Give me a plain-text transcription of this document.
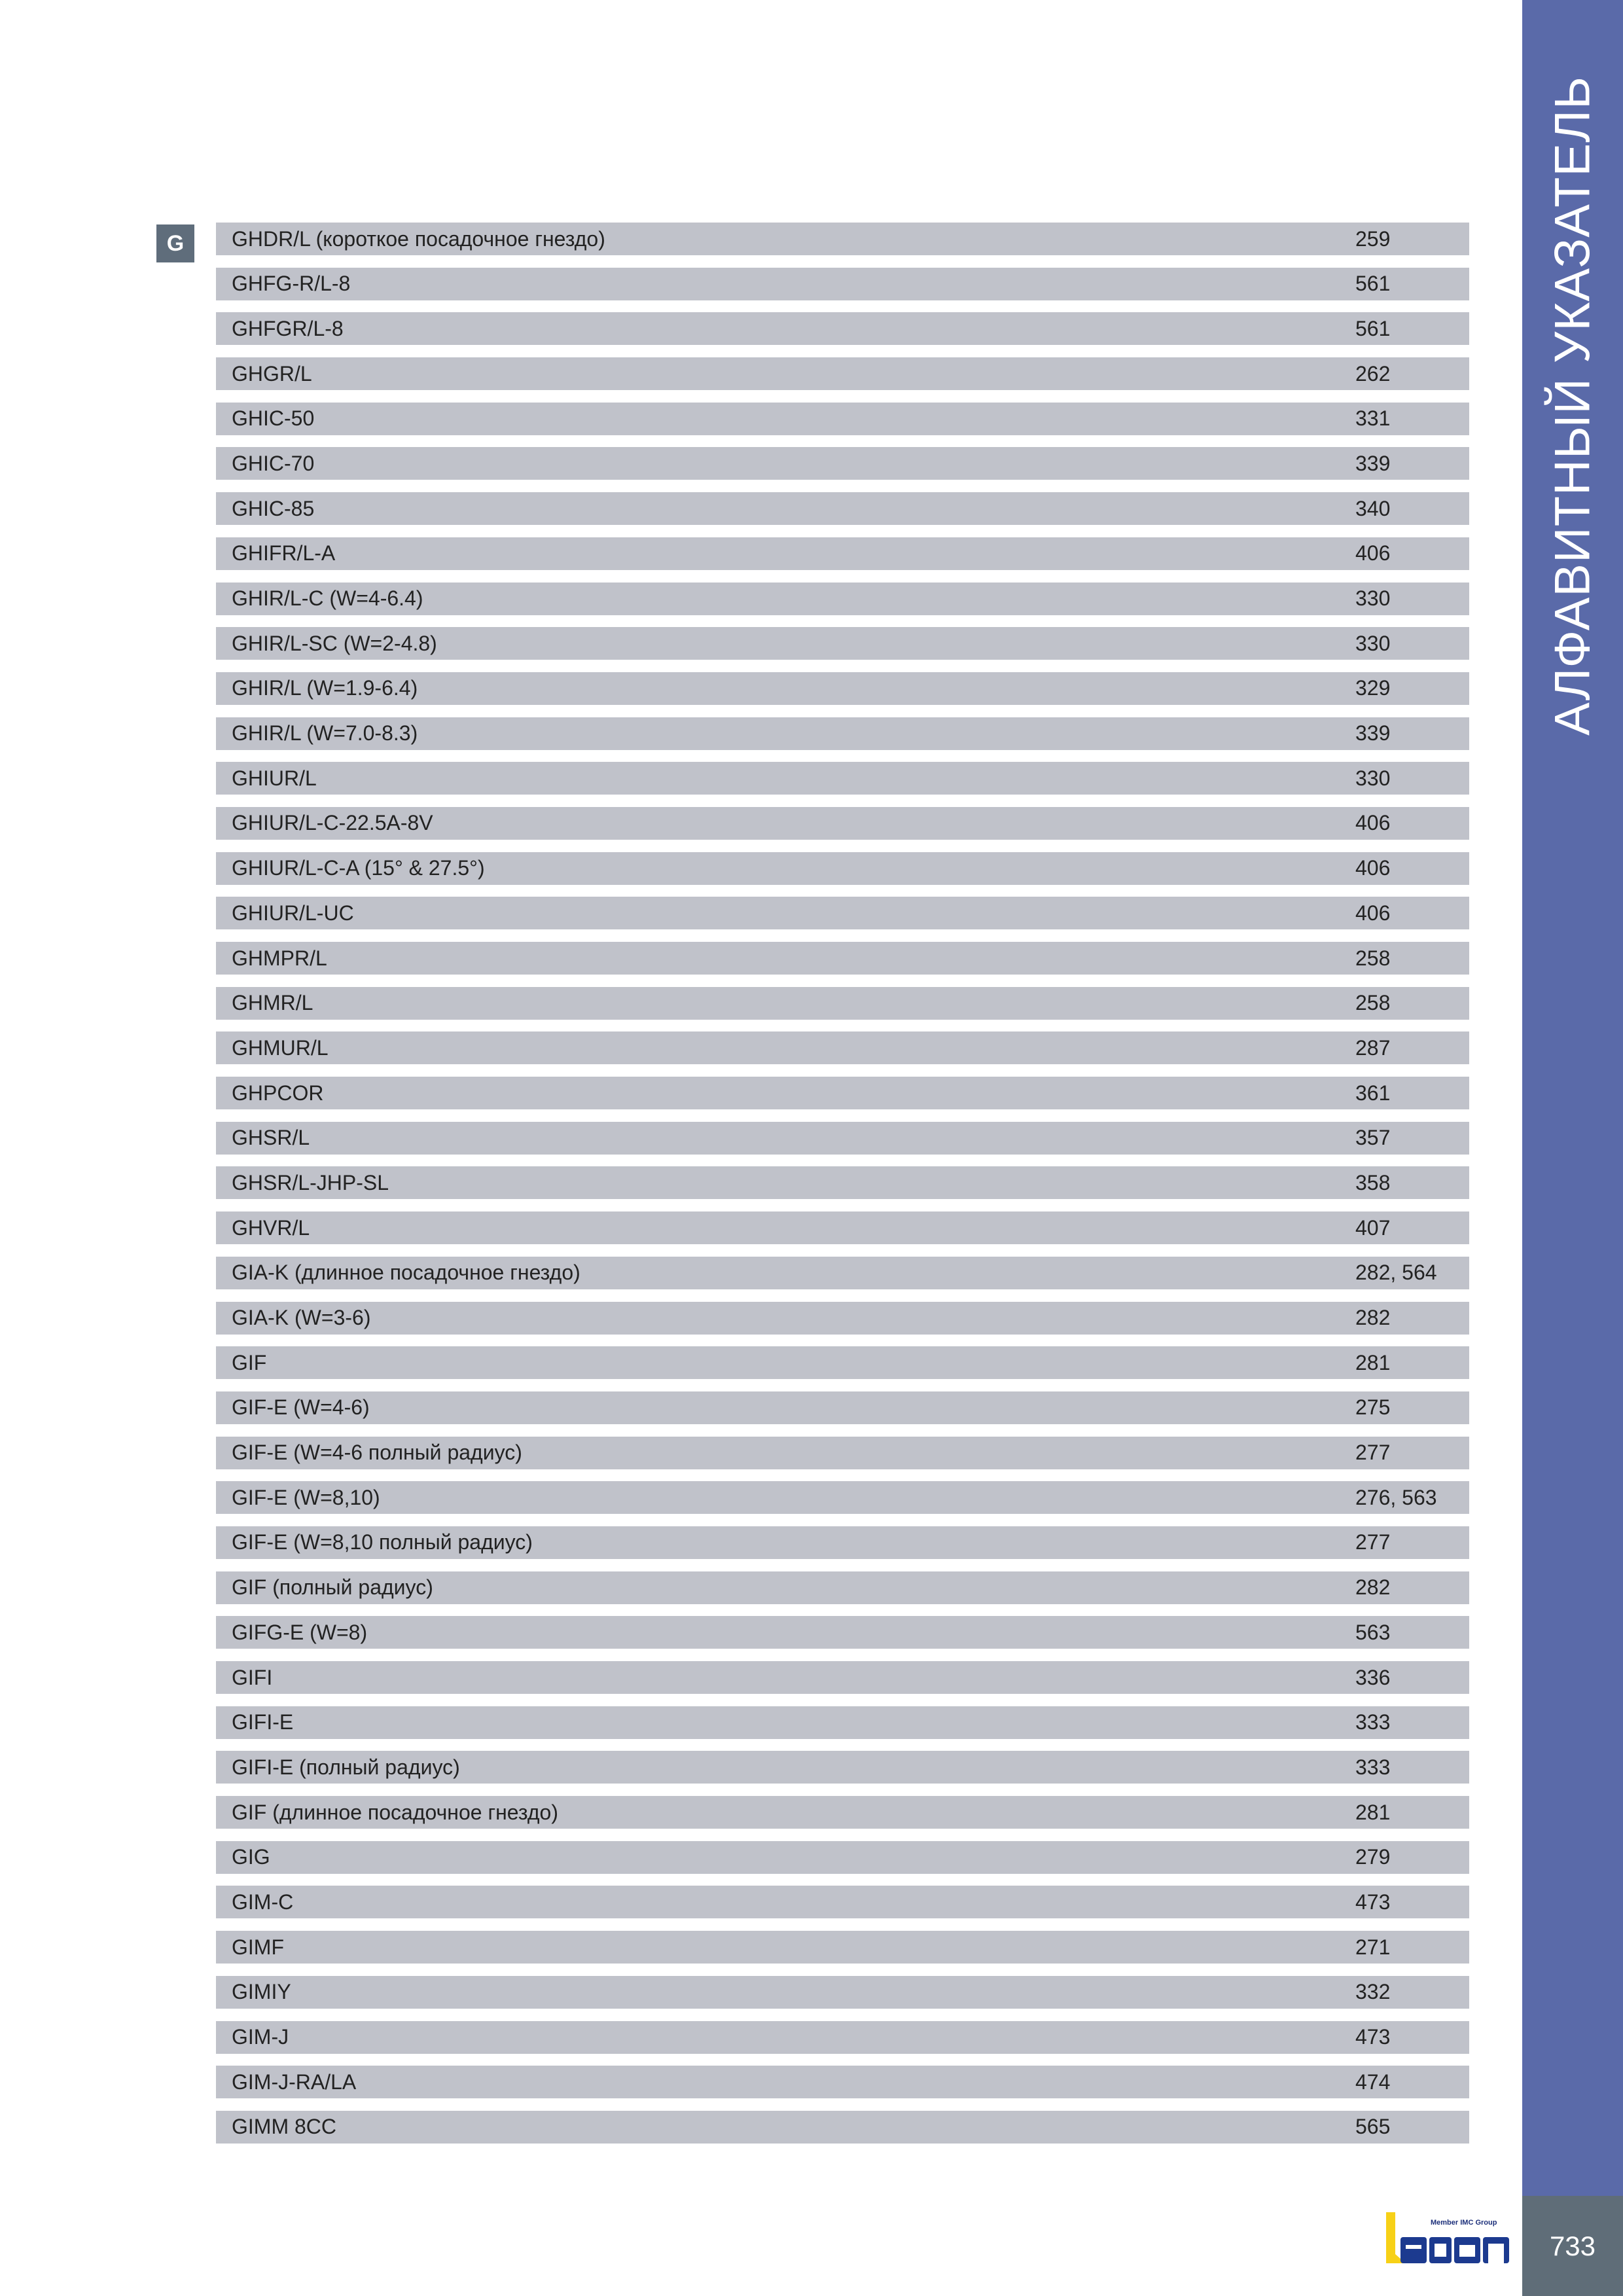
АЛФАВИТНЫЙ УКАЗАТЕЛЬ
733
G	GHDR/L (короткое посадочное гнездо)	259
GHFG-R/L-8	561
GHFGR/L-8	561
GHGR/L	262
GHIC-50	331
GHIC-70	339
GHIC-85	340
GHIFR/L-A	406
GHIR/L-C (W=4-6.4)	330
GHIR/L-SC (W=2-4.8)	330
GHIR/L (W=1.9-6.4)	329
GHIR/L (W=7.0-8.3)	339
GHIUR/L	330
GHIUR/L-C-22.5A-8V	406
GHIUR/L-C-A (15° & 27.5°)	406
GHIUR/L-UC	406
GHMPR/L	258
GHMR/L	258
GHMUR/L	287
GHPCOR	361
GHSR/L	357
GHSR/L-JHP-SL	358
GHVR/L	407
GIA-K (длинное посадочное гнездо)	282, 564
GIA-K (W=3-6)	282
GIF	281
GIF-E (W=4-6)	275
GIF-E (W=4-6 полный радиус)	277
GIF-E (W=8,10)	276, 563
GIF-E (W=8,10 полный радиус)	277
GIF (полный радиус)	282
GIFG-E (W=8)	563
GIFI	336
GIFI-E	333
GIFI-E (полный радиус)	333
GIF (длинное посадочное гнездо)	281
GIG	279
GIM-C	473
GIMF	271
GIMIY	332
GIM-J	473
GIM-J-RA/LA	474
GIMM 8CC	565
Member IMC Group
